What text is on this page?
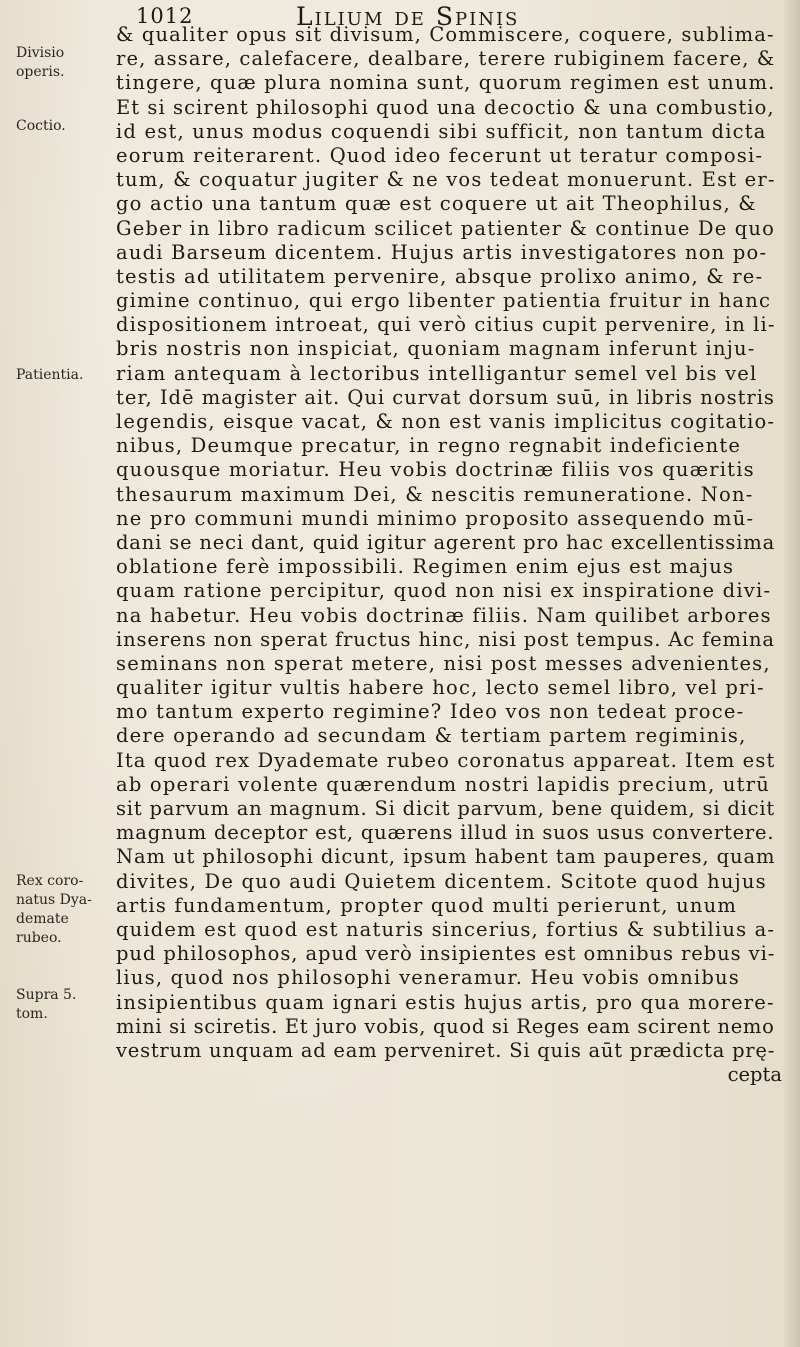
1012	Lilium de Spinis
Divisio
operis.
Coctio.
Patientia.
Rex coro-
natus Dya-
demate
rubeo.
Supra 5.
tom.
& qualiter opus sit divisum, Commiscere, coquere, sublima-
re, assare, calefacere, dealbare, terere rubiginem facere, &
tingere, quæ plura nomina sunt, quorum regimen est unum.
Et si scirent philosophi quod una decoctio & una combustio,
id est, unus modus coquendi sibi sufficit, non tantum dicta
eorum reiterarent. Quod ideo fecerunt ut teratur composi-
tum, & coquatur jugiter & ne vos tedeat monuerunt. Est er-
go actio una tantum quæ est coquere ut ait Theophilus, &
Geber in libro radicum scilicet patienter & continue De quo
audi Barseum dicentem. Hujus artis investigatores non po-
testis ad utilitatem pervenire, absque prolixo animo, & re-
gimine continuo, qui ergo libenter patientia fruitur in hanc
dispositionem introeat, qui verò citius cupit pervenire, in li-
bris nostris non inspiciat, quoniam magnam inferunt inju-
riam antequam à lectoribus intelligantur semel vel bis vel
ter, Idē magister ait. Qui curvat dorsum suū, in libris nostris
legendis, eisque vacat, & non est vanis implicitus cogitatio-
nibus, Deumque precatur, in regno regnabit indeficiente
quousque moriatur. Heu vobis doctrinæ filiis vos quæritis
thesaurum maximum Dei, & nescitis remuneratione. Non-
ne pro communi mundi minimo proposito assequendo mū-
dani se neci dant, quid igitur agerent pro hac excellentissima
oblatione ferè impossibili. Regimen enim ejus est majus
quam ratione percipitur, quod non nisi ex inspiratione divi-
na habetur. Heu vobis doctrinæ filiis. Nam quilibet arbores
inserens non sperat fructus hinc, nisi post tempus. Ac femina
seminans non sperat metere, nisi post messes advenientes,
qualiter igitur vultis habere hoc, lecto semel libro, vel pri-
mo tantum experto regimine? Ideo vos non tedeat proce-
dere operando ad secundam & tertiam partem regiminis,
Ita quod rex Dyademate rubeo coronatus appareat. Item est
ab operari volente quærendum nostri lapidis precium, utrū
sit parvum an magnum. Si dicit parvum, bene quidem, si dicit
magnum deceptor est, quærens illud in suos usus convertere.
Nam ut philosophi dicunt, ipsum habent tam pauperes, quam
divites, De quo audi Quietem dicentem. Scitote quod hujus
artis fundamentum, propter quod multi perierunt, unum
quidem est quod est naturis sincerius, fortius & subtilius a-
pud philosophos, apud verò insipientes est omnibus rebus vi-
lius, quod nos philosophi veneramur. Heu vobis omnibus
insipientibus quam ignari estis hujus artis, pro qua morere-
mini si sciretis. Et juro vobis, quod si Reges eam scirent nemo
vestrum unquam ad eam perveniret. Si quis aūt prædicta prę-
cepta
